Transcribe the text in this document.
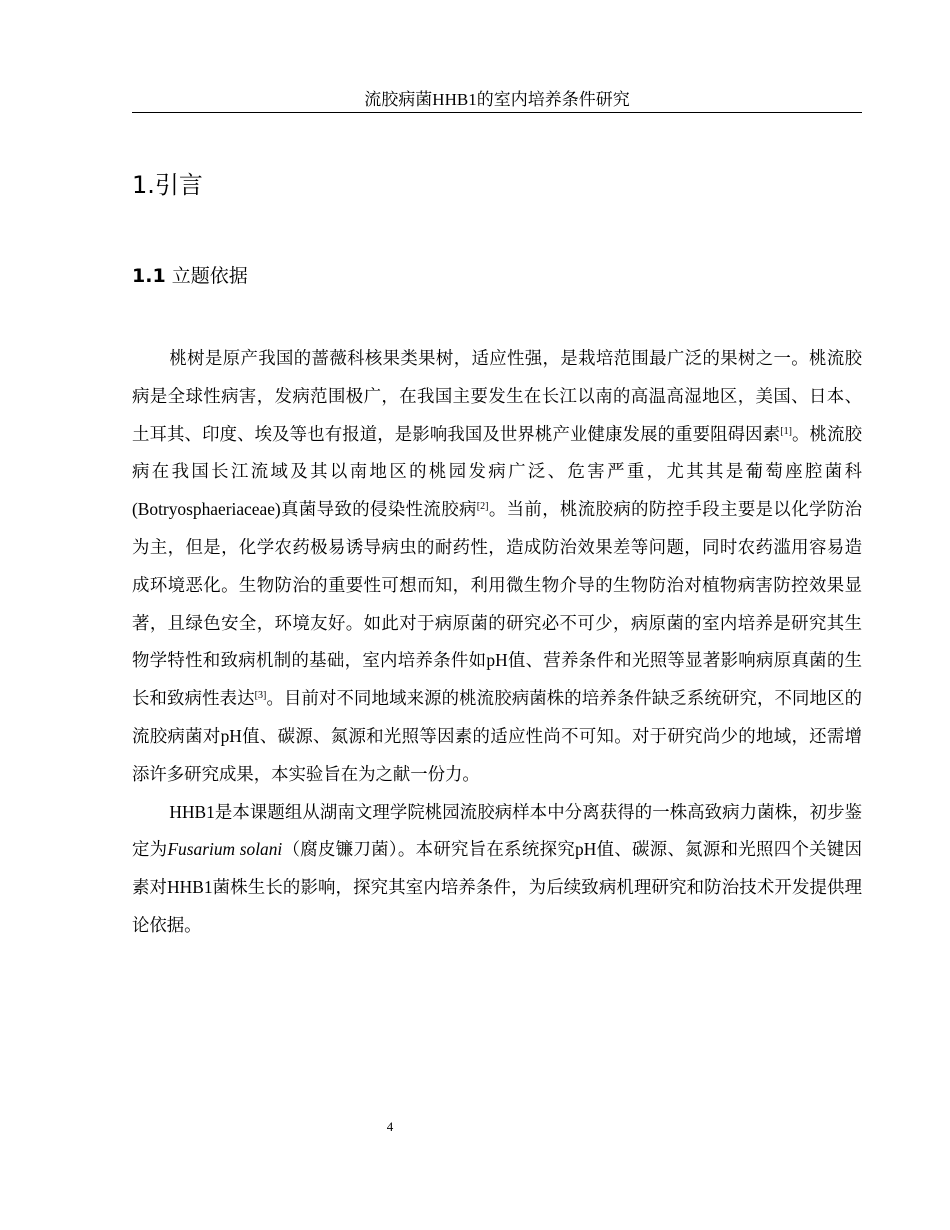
流胶病菌HHB1的室内培养条件研究
1.引言
1.1 立题依据

桃树是原产我国的蔷薇科核果类果树，适应性强，是栽培范围最广泛的果树之一。桃流胶病是全球性病害，发病范围极广，在我国主要发生在长江以南的高温高湿地区，美国、日本、土耳其、印度、埃及等也有报道，是影响我国及世界桃产业健康发展的重要阻碍因素[1]。桃流胶病在我国长江流域及其以南地区的桃园发病广泛、危害严重，尤其其是葡萄座腔菌科(Botryosphaeriaceae)真菌导致的侵染性流胶病[2]。当前，桃流胶病的防控手段主要是以化学防治为主，但是，化学农药极易诱导病虫的耐药性，造成防治效果差等问题，同时农药滥用容易造成环境恶化。生物防治的重要性可想而知，利用微生物介导的生物防治对植物病害防控效果显著，且绿色安全，环境友好。如此对于病原菌的研究必不可少，病原菌的室内培养是研究其生物学特性和致病机制的基础，室内培养条件如pH值、营养条件和光照等显著影响病原真菌的生长和致病性表达[3]。目前对不同地域来源的桃流胶病菌株的培养条件缺乏系统研究，不同地区的流胶病菌对pH值、碳源、氮源和光照等因素的适应性尚不可知。对于研究尚少的地域，还需增添许多研究成果，本实验旨在为之献一份力。

HHB1是本课题组从湖南文理学院桃园流胶病样本中分离获得的一株高致病力菌株，初步鉴定为Fusarium solani（腐皮镰刀菌）。本研究旨在系统探究pH值、碳源、氮源和光照四个关键因素对HHB1菌株生长的影响，探究其室内培养条件，为后续致病机理研究和防治技术开发提供理论依据。

4
